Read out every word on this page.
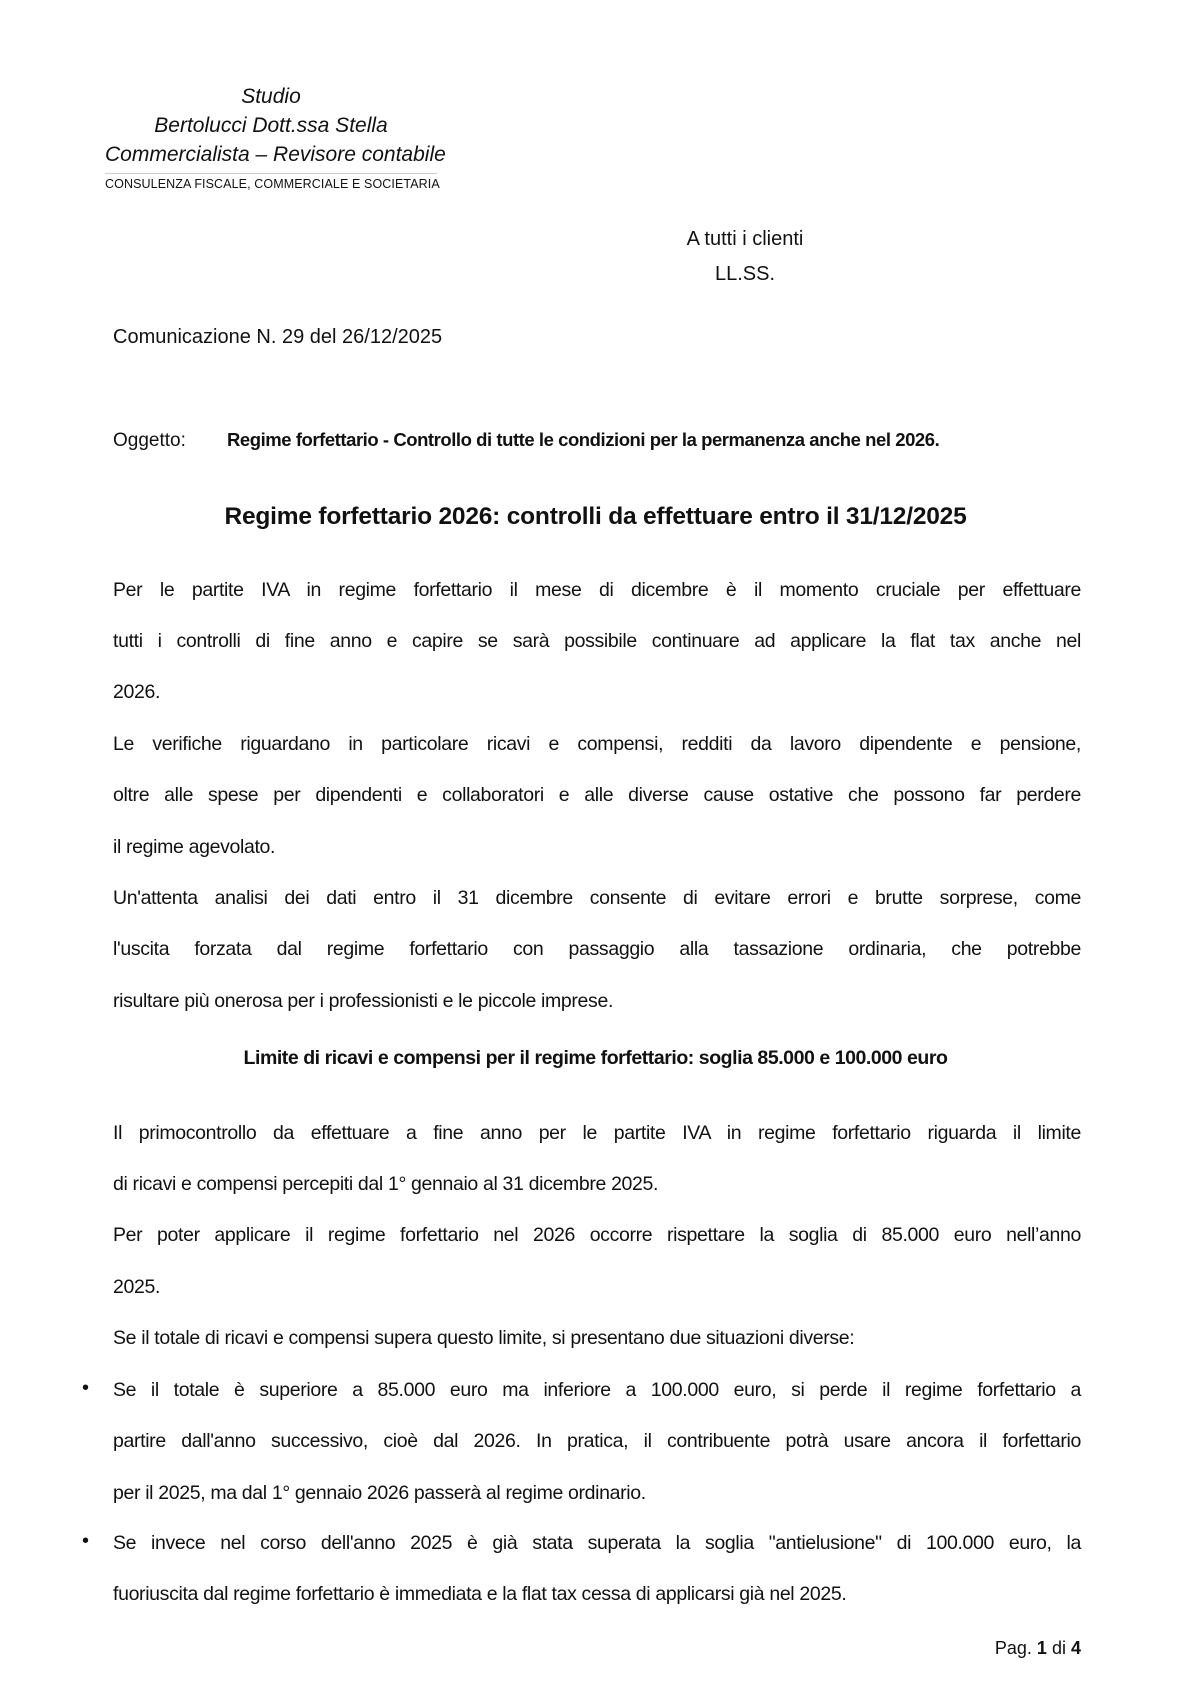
Studio
Bertolucci Dott.ssa Stella
Commercialista – Revisore contabile
CONSULENZA FISCALE, COMMERCIALE E SOCIETARIA
A tutti i clienti
LL.SS.
Comunicazione N. 29 del 26/12/2025
Oggetto: Regime forfettario - Controllo di tutte le condizioni per la permanenza anche nel 2026.
Regime forfettario 2026: controlli da effettuare entro il 31/12/2025
Per le partite IVA in regime forfettario il mese di dicembre è il momento cruciale per effettuare
tutti i controlli di fine anno e capire se sarà possibile continuare ad applicare la flat tax anche nel
2026.
Le verifiche riguardano in particolare ricavi e compensi, redditi da lavoro dipendente e pensione,
oltre alle spese per dipendenti e collaboratori e alle diverse cause ostative che possono far perdere
il regime agevolato.
Un'attenta analisi dei dati entro il 31 dicembre consente di evitare errori e brutte sorprese, come
l'uscita forzata dal regime forfettario con passaggio alla tassazione ordinaria, che potrebbe
risultare più onerosa per i professionisti e le piccole imprese.
Limite di ricavi e compensi per il regime forfettario: soglia 85.000 e 100.000 euro
Il primocontrollo da effettuare a fine anno per le partite IVA in regime forfettario riguarda il limite
di ricavi e compensi percepiti dal 1° gennaio al 31 dicembre 2025.
Per poter applicare il regime forfettario nel 2026 occorre rispettare la soglia di 85.000 euro nell’anno
2025.
Se il totale di ricavi e compensi supera questo limite, si presentano due situazioni diverse:
• Se il totale è superiore a 85.000 euro ma inferiore a 100.000 euro, si perde il regime forfettario a
partire dall'anno successivo, cioè dal 2026. In pratica, il contribuente potrà usare ancora il forfettario
per il 2025, ma dal 1° gennaio 2026 passerà al regime ordinario.
• Se invece nel corso dell'anno 2025 è già stata superata la soglia "antielusione" di 100.000 euro, la
fuoriuscita dal regime forfettario è immediata e la flat tax cessa di applicarsi già nel 2025.
Pag. 1 di 4
